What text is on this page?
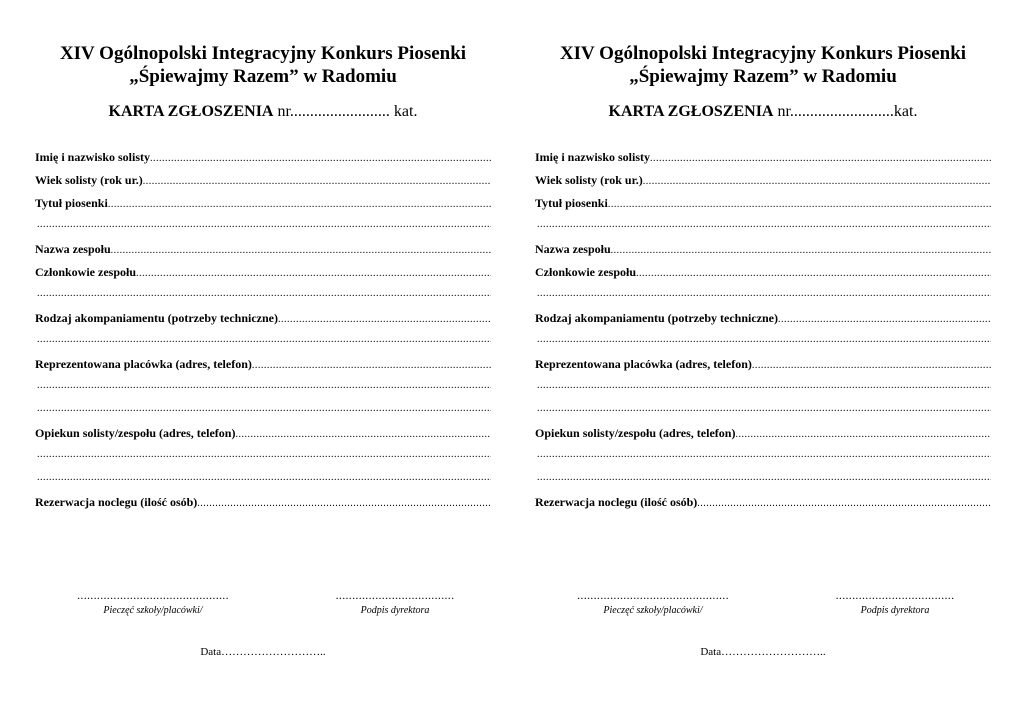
XIV Ogólnopolski Integracyjny Konkurs Piosenki
„Śpiewajmy Razem” w Radomiu
KARTA ZGŁOSZENIA nr......................... kat.
Imię i nazwisko solisty
.....
Wiek solisty (rok ur.)
.....
Tytuł piosenki
.....
.....
Nazwa zespołu
.....
Członkowie zespołu
.....
.....
Rodzaj akompaniamentu (potrzeby techniczne)
.....
.....
Reprezentowana placówka (adres, telefon)
.....
.....
.....
Opiekun solisty/zespołu (adres, telefon)
.....
.....
.....
Rezerwacja noclegu (ilość osób)
.....
..............................................
Pieczęć szkoły/placówki/
....................................
Podpis dyrektora
Data………………………..
XIV Ogólnopolski Integracyjny Konkurs Piosenki
„Śpiewajmy Razem” w Radomiu
KARTA ZGŁOSZENIA nr..........................kat.
Imię i nazwisko solisty
.....
Wiek solisty (rok ur.)
.....
Tytuł piosenki
.....
.....
Nazwa zespołu
.....
Członkowie zespołu
.....
.....
Rodzaj akompaniamentu (potrzeby techniczne)
.....
.....
Reprezentowana placówka (adres, telefon)
.....
.....
.....
Opiekun solisty/zespołu (adres, telefon)
.....
.....
.....
Rezerwacja noclegu (ilość osób)
.....
..............................................
Pieczęć szkoły/placówki/
....................................
Podpis dyrektora
Data………………………..
